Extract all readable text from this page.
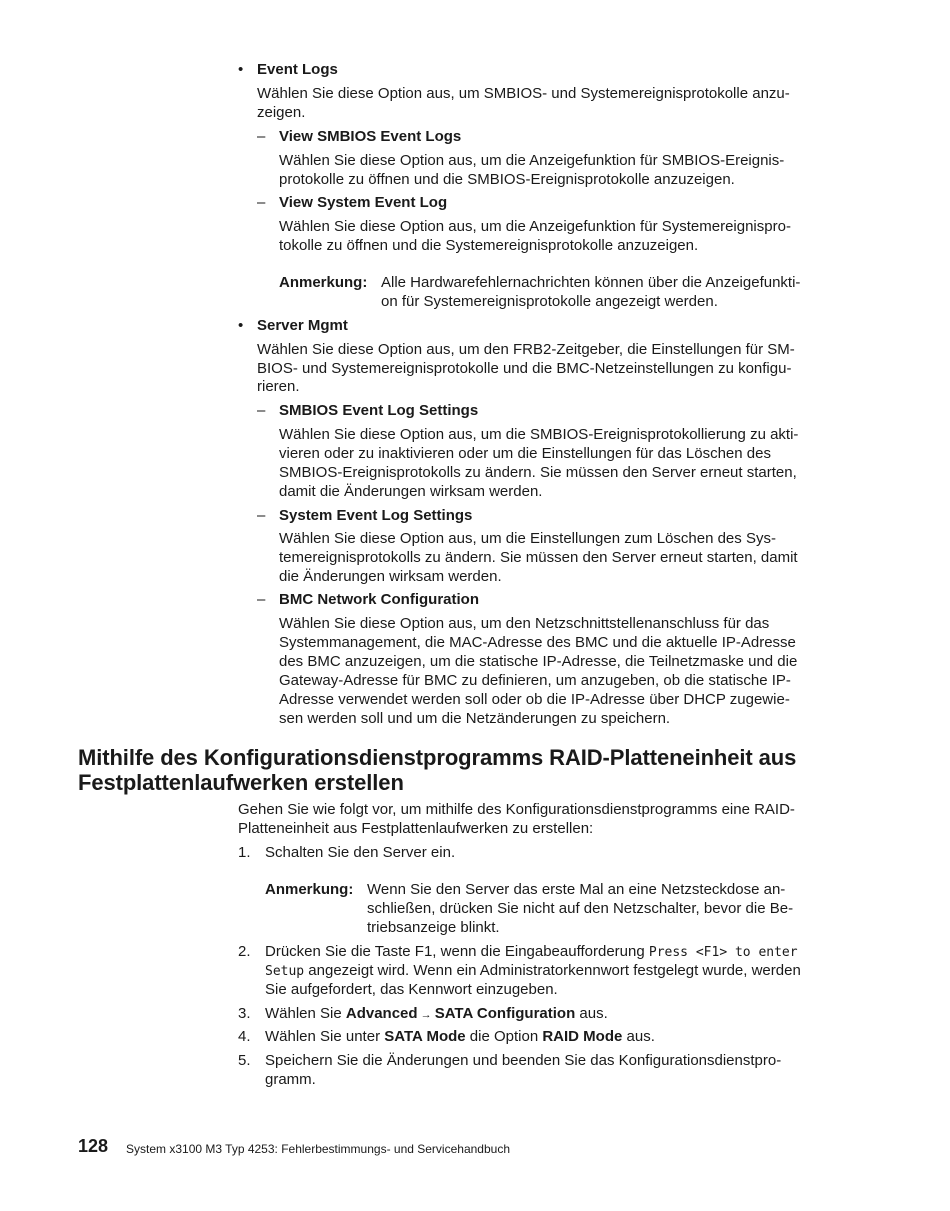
• Event Logs
Wählen Sie diese Option aus, um SMBIOS- und Systemereignisprotokolle anzu-
zeigen.
– View SMBIOS Event Logs
Wählen Sie diese Option aus, um die Anzeigefunktion für SMBIOS-Ereignis-
protokolle zu öffnen und die SMBIOS-Ereignisprotokolle anzuzeigen.
– View System Event Log
Wählen Sie diese Option aus, um die Anzeigefunktion für Systemereignispro-
tokolle zu öffnen und die Systemereignisprotokolle anzuzeigen.
Anmerkung: Alle Hardwarefehlernachrichten können über die Anzeigefunkti-
on für Systemereignisprotokolle angezeigt werden.
• Server Mgmt
Wählen Sie diese Option aus, um den FRB2-Zeitgeber, die Einstellungen für SM-
BIOS- und Systemereignisprotokolle und die BMC-Netzeinstellungen zu konfigu-
rieren.
– SMBIOS Event Log Settings
Wählen Sie diese Option aus, um die SMBIOS-Ereignisprotokollierung zu akti-
vieren oder zu inaktivieren oder um die Einstellungen für das Löschen des
SMBIOS-Ereignisprotokolls zu ändern. Sie müssen den Server erneut starten,
damit die Änderungen wirksam werden.
– System Event Log Settings
Wählen Sie diese Option aus, um die Einstellungen zum Löschen des Sys-
temereignisprotokolls zu ändern. Sie müssen den Server erneut starten, damit
die Änderungen wirksam werden.
– BMC Network Configuration
Wählen Sie diese Option aus, um den Netzschnittstellenanschluss für das
Systemmanagement, die MAC-Adresse des BMC und die aktuelle IP-Adresse
des BMC anzuzeigen, um die statische IP-Adresse, die Teilnetzmaske und die
Gateway-Adresse für BMC zu definieren, um anzugeben, ob die statische IP-
Adresse verwendet werden soll oder ob die IP-Adresse über DHCP zugewie-
sen werden soll und um die Netzänderungen zu speichern.
Mithilfe des Konfigurationsdienstprogramms RAID-Platteneinheit aus
Festplattenlaufwerken erstellen
Gehen Sie wie folgt vor, um mithilfe des Konfigurationsdienstprogramms eine RAID-
Platteneinheit aus Festplattenlaufwerken zu erstellen:
1. Schalten Sie den Server ein.
Anmerkung: Wenn Sie den Server das erste Mal an eine Netzsteckdose an-
schließen, drücken Sie nicht auf den Netzschalter, bevor die Be-
triebsanzeige blinkt.
2. Drücken Sie die Taste F1, wenn die Eingabeaufforderung Press <F1> to enter
Setup angezeigt wird. Wenn ein Administratorkennwort festgelegt wurde, werden
Sie aufgefordert, das Kennwort einzugeben.
3. Wählen Sie Advanced → SATA Configuration aus.
4. Wählen Sie unter SATA Mode die Option RAID Mode aus.
5. Speichern Sie die Änderungen und beenden Sie das Konfigurationsdienstpro-
gramm.
128 System x3100 M3 Typ 4253: Fehlerbestimmungs- und Servicehandbuch
